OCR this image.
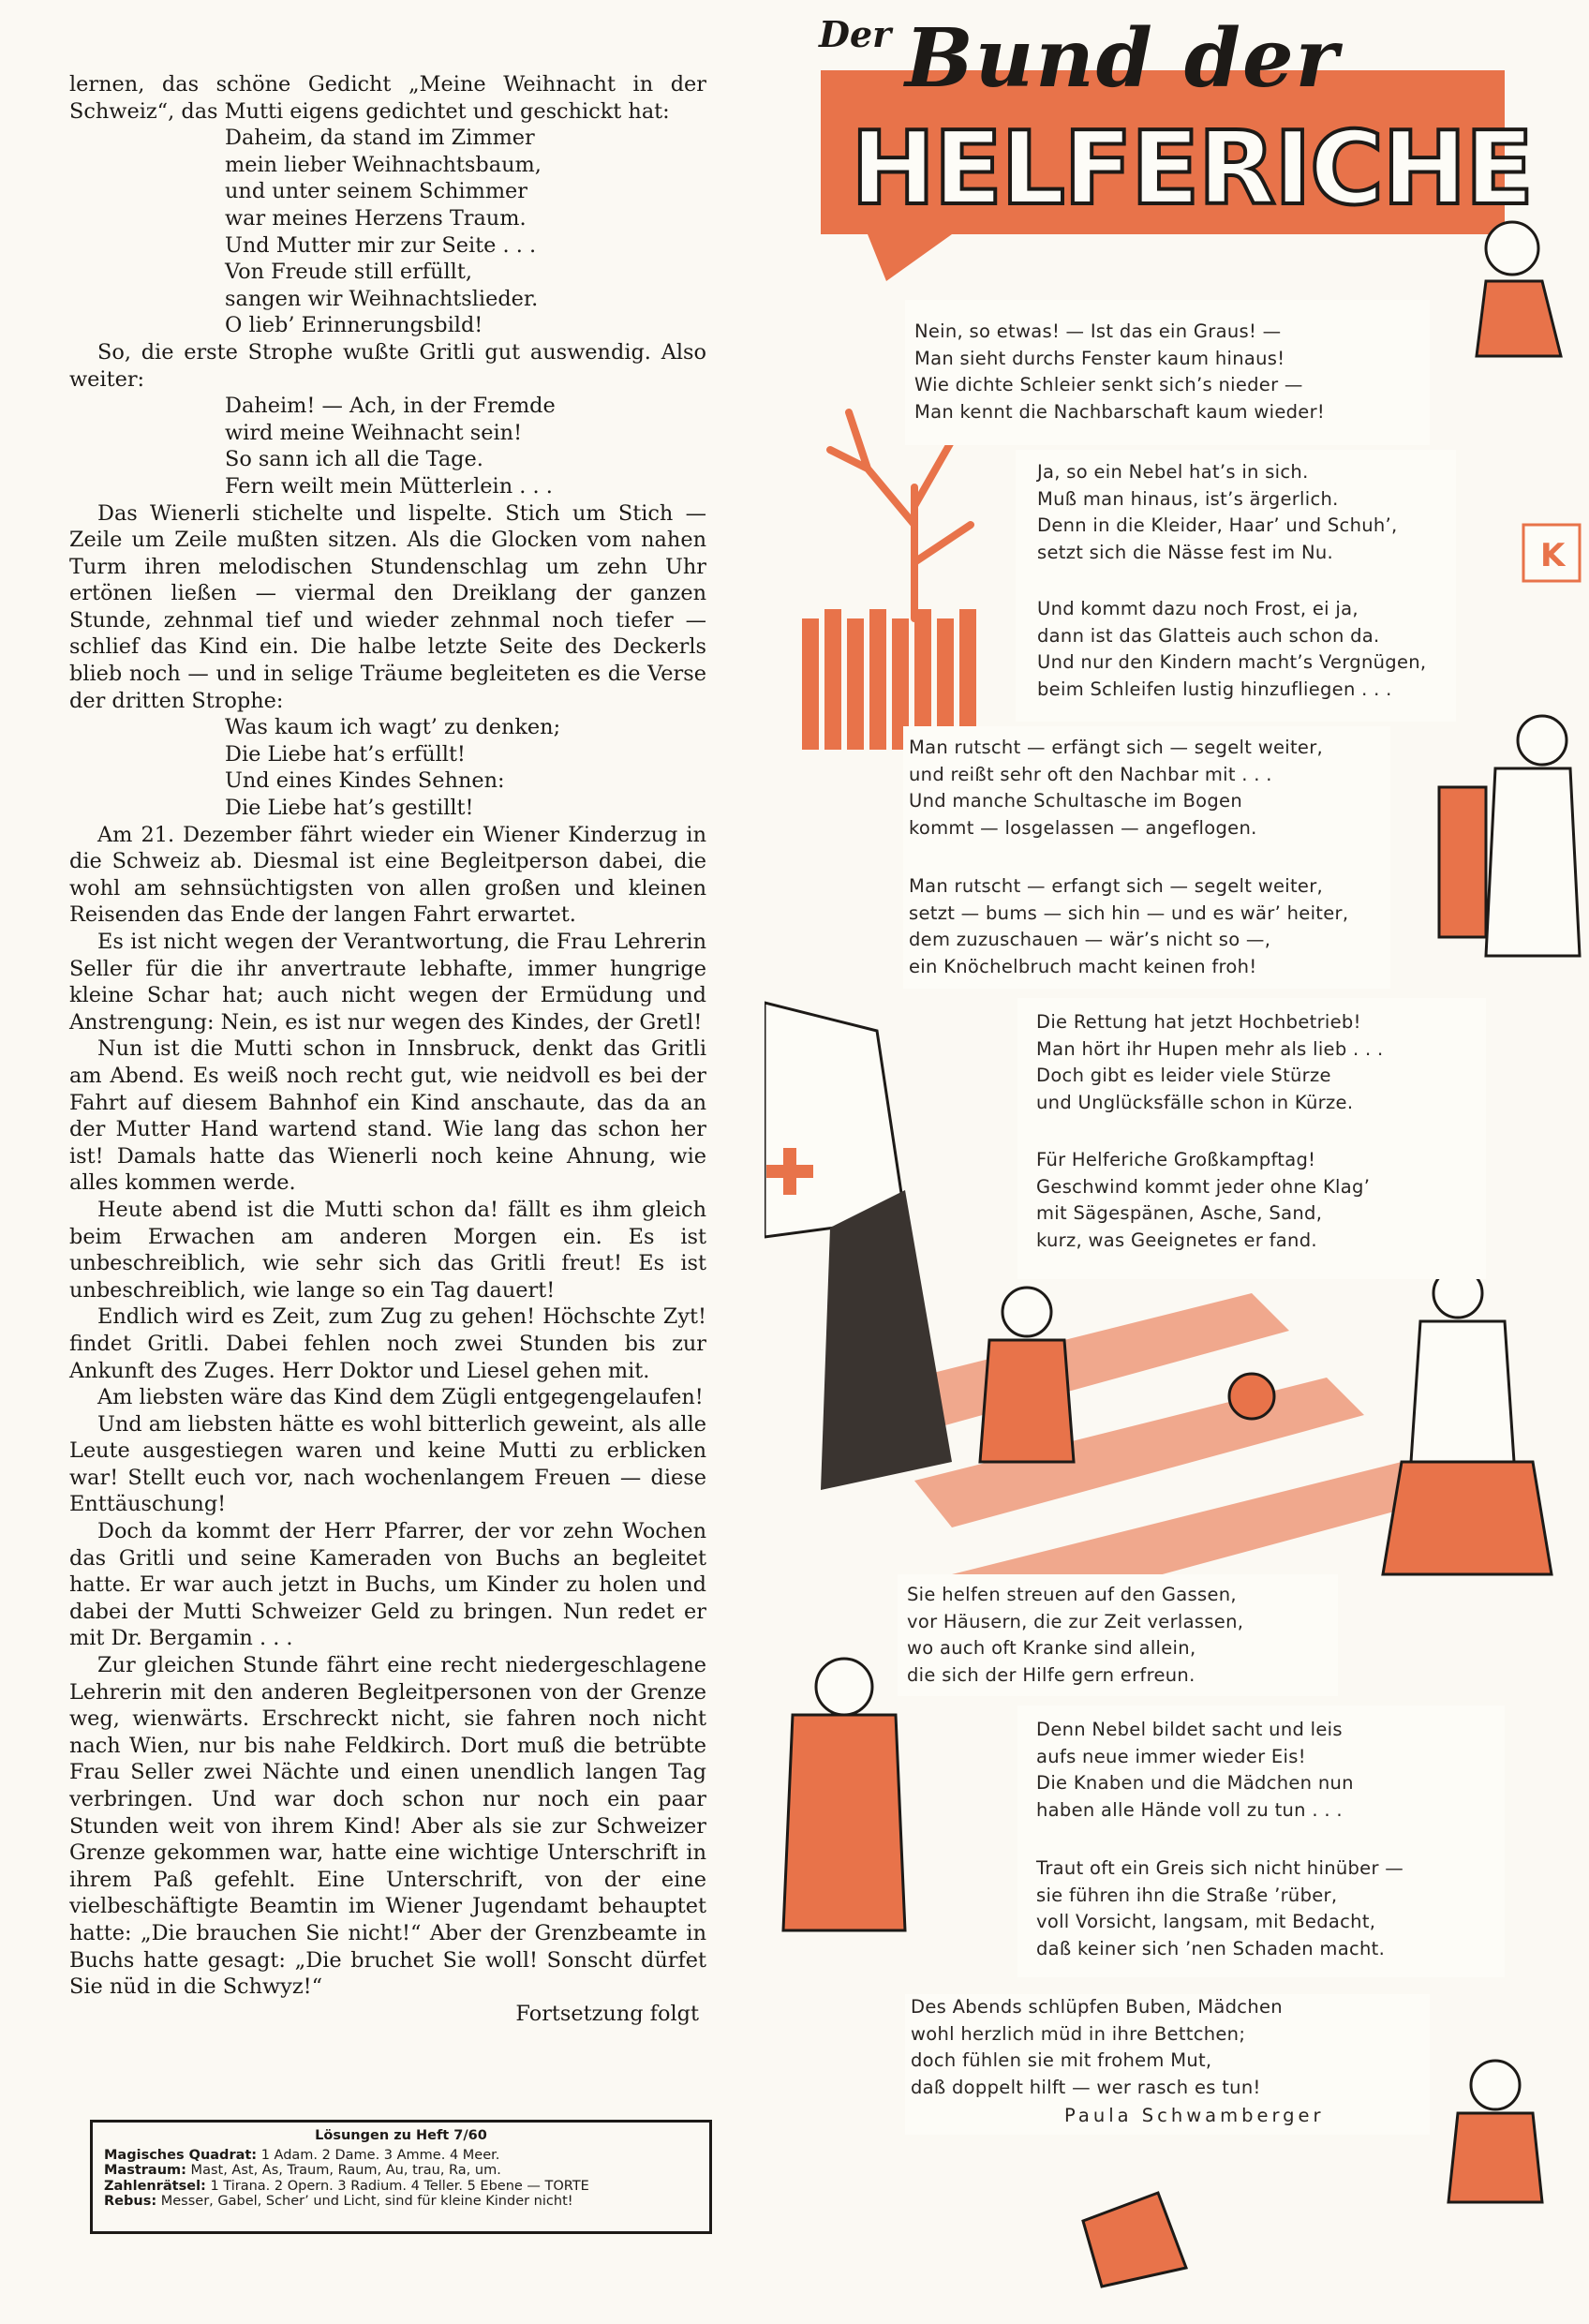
lernen, das schöne Gedicht „Meine Weihnacht in der Schweiz“, das Mutti eigens gedichtet und geschickt hat:

Daheim, da stand im Zimmer
mein lieber Weihnachtsbaum,
und unter seinem Schimmer
war meines Herzens Traum.
Und Mutter mir zur Seite . . .
Von Freude still erfüllt,
sangen wir Weihnachtslieder.
O lieb’ Erinnerungsbild!

So, die erste Strophe wußte Gritli gut auswendig. Also weiter:

Daheim! — Ach, in der Fremde
wird meine Weihnacht sein!
So sann ich all die Tage.
Fern weilt mein Mütterlein . . .

Das Wienerli stichelte und lispelte. Stich um Stich — Zeile um Zeile mußten sitzen. Als die Glocken vom nahen Turm ihren melodischen Stundenschlag um zehn Uhr ertönen ließen — viermal den Dreiklang der ganzen Stunde, zehnmal tief und wieder zehnmal noch tiefer — schlief das Kind ein. Die halbe letzte Seite des Deckerls blieb noch — und in selige Träume begleiteten es die Verse der dritten Strophe:

Was kaum ich wagt’ zu denken;
Die Liebe hat’s erfüllt!
Und eines Kindes Sehnen:
Die Liebe hat’s gestillt!

Am 21. Dezember fährt wieder ein Wiener Kinderzug in die Schweiz ab. Diesmal ist eine Begleitperson dabei, die wohl am sehnsüchtigsten von allen großen und kleinen Reisenden das Ende der langen Fahrt erwartet.

Es ist nicht wegen der Verantwortung, die Frau Lehrerin Seller für die ihr anvertraute lebhafte, immer hungrige kleine Schar hat; auch nicht wegen der Ermüdung und Anstrengung: Nein, es ist nur wegen des Kindes, der Gretl!

Nun ist die Mutti schon in Innsbruck, denkt das Gritli am Abend. Es weiß noch recht gut, wie neidvoll es bei der Fahrt auf diesem Bahnhof ein Kind anschaute, das da an der Mutter Hand wartend stand. Wie lang das schon her ist! Damals hatte das Wienerli noch keine Ahnung, wie alles kommen werde.

Heute abend ist die Mutti schon da! fällt es ihm gleich beim Erwachen am anderen Morgen ein. Es ist unbeschreiblich, wie sehr sich das Gritli freut! Es ist unbeschreiblich, wie lange so ein Tag dauert!

Endlich wird es Zeit, zum Zug zu gehen! Höchschte Zyt! findet Gritli. Dabei fehlen noch zwei Stunden bis zur Ankunft des Zuges. Herr Doktor und Liesel gehen mit.

Am liebsten wäre das Kind dem Zügli entgegengelaufen!

Und am liebsten hätte es wohl bitterlich geweint, als alle Leute ausgestiegen waren und keine Mutti zu erblicken war! Stellt euch vor, nach wochenlangem Freuen — diese Enttäuschung!

Doch da kommt der Herr Pfarrer, der vor zehn Wochen das Gritli und seine Kameraden von Buchs an begleitet hatte. Er war auch jetzt in Buchs, um Kinder zu holen und dabei der Mutti Schweizer Geld zu bringen. Nun redet er mit Dr. Bergamin . . .

Zur gleichen Stunde fährt eine recht niedergeschlagene Lehrerin mit den anderen Begleitpersonen von der Grenze weg, wienwärts. Erschreckt nicht, sie fahren noch nicht nach Wien, nur bis nahe Feldkirch. Dort muß die betrübte Frau Seller zwei Nächte und einen unendlich langen Tag verbringen. Und war doch schon nur noch ein paar Stunden weit von ihrem Kind! Aber als sie zur Schweizer Grenze gekommen war, hatte eine wichtige Unterschrift in ihrem Paß gefehlt. Eine Unterschrift, von der eine vielbeschäftigte Beamtin im Wiener Jugendamt behauptet hatte: „Die brauchen Sie nicht!“ Aber der Grenzbeamte in Buchs hatte gesagt: „Die bruchet Sie woll! Sonscht dürfet Sie nüd in die Schwyz!“

Fortsetzung folgt
Lösungen zu Heft 7/60
Magisches Quadrat: 1 Adam. 2 Dame. 3 Amme. 4 Meer.
Mastraum: Mast, Ast, As, Traum, Raum, Au, trau, Ra, um.
Zahlenrätsel: 1 Tirana. 2 Opern. 3 Radium. 4 Teller. 5 Ebene — TORTE
Rebus: Messer, Gabel, Scher’ und Licht, sind für kleine Kinder nicht!
K
Der Bund der
HELFERICHE
Nein, so etwas! — Ist das ein Graus! —
Man sieht durchs Fenster kaum hinaus!
Wie dichte Schleier senkt sich’s nieder —
Man kennt die Nachbarschaft kaum wieder!
Ja, so ein Nebel hat’s in sich.
Muß man hinaus, ist’s ärgerlich.
Denn in die Kleider, Haar’ und Schuh’,
setzt sich die Nässe fest im Nu.
Und kommt dazu noch Frost, ei ja,
dann ist das Glatteis auch schon da.
Und nur den Kindern macht’s Vergnügen,
beim Schleifen lustig hinzufliegen . . .
Man rutscht — erfängt sich — segelt weiter,
und reißt sehr oft den Nachbar mit . . .
Und manche Schultasche im Bogen
kommt — losgelassen — angeflogen.
Man rutscht — erfangt sich — segelt weiter,
setzt — bums — sich hin — und es wär’ heiter,
dem zuzuschauen — wär’s nicht so —,
ein Knöchelbruch macht keinen froh!
Die Rettung hat jetzt Hochbetrieb!
Man hört ihr Hupen mehr als lieb . . .
Doch gibt es leider viele Stürze
und Unglücksfälle schon in Kürze.
Für Helferiche Großkampftag!
Geschwind kommt jeder ohne Klag’
mit Sägespänen, Asche, Sand,
kurz, was Geeignetes er fand.
Sie helfen streuen auf den Gassen,
vor Häusern, die zur Zeit verlassen,
wo auch oft Kranke sind allein,
die sich der Hilfe gern erfreun.
Denn Nebel bildet sacht und leis
aufs neue immer wieder Eis!
Die Knaben und die Mädchen nun
haben alle Hände voll zu tun . . .
Traut oft ein Greis sich nicht hinüber —
sie führen ihn die Straße ’rüber,
voll Vorsicht, langsam, mit Bedacht,
daß keiner sich ’nen Schaden macht.
Des Abends schlüpfen Buben, Mädchen
wohl herzlich müd in ihre Bettchen;
doch fühlen sie mit frohem Mut,
daß doppelt hilft — wer rasch es tun!
Paula Schwamberger
